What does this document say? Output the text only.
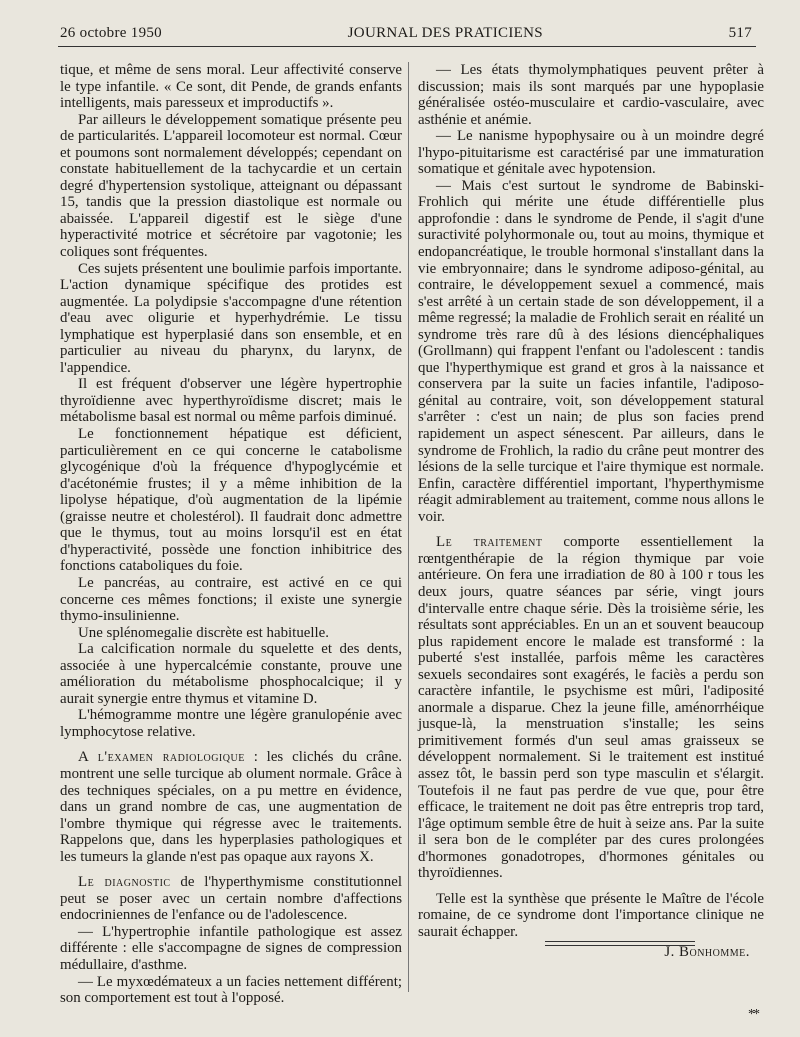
26 octobre 1950	JOURNAL DES PRATICIENS	517

tique, et même de sens moral. Leur affectivité conserve le type infantile. « Ce sont, dit Pende, de grands enfants intelligents, mais paresseux et improductifs ».

Par ailleurs le développement somatique présente peu de particularités. L'appareil locomoteur est normal. Cœur et poumons sont normalement développés; cependant on constate habituellement de la tachycardie et un certain degré d'hypertension systolique, atteignant ou dépassant 15, tandis que la pression diastolique est normale ou abaissée. L'appareil digestif est le siège d'une hyperactivité motrice et sécrétoire par vagotonie; les coliques sont fréquentes.

Ces sujets présentent une boulimie parfois importante. L'action dynamique spécifique des protides est augmentée. La polydipsie s'accompagne d'une rétention d'eau avec oligurie et hyperhydrémie. Le tissu lymphatique est hyperplasié dans son ensemble, et en particulier au niveau du pharynx, du larynx, de l'appendice.

Il est fréquent d'observer une légère hypertrophie thyroïdienne avec hyperthyroïdisme discret; mais le métabolisme basal est normal ou même parfois diminué.

Le fonctionnement hépatique est déficient, particulièrement en ce qui concerne le catabolisme glycogénique d'où la fréquence d'hypoglycémie et d'acétonémie frustes; il y a même inhibition de la lipolyse hépatique, d'où augmentation de la lipémie (graisse neutre et cholestérol). Il faudrait donc admettre que le thymus, tout au moins lorsqu'il est en état d'hyperactivité, possède une fonction inhibitrice des fonctions cataboliques du foie.

Le pancréas, au contraire, est activé en ce qui concerne ces mêmes fonctions; il existe une synergie thymo-insulinienne.

Une splénomegalie discrète est habituelle.

La calcification normale du squelette et des dents, associée à une hypercalcémie constante, prouve une amélioration du métabolisme phosphocalcique; il y aurait synergie entre thymus et vitamine D.

L'hémogramme montre une légère granulopénie avec lymphocytose relative.

A l'examen radiologique : les clichés du crâne. montrent une selle turcique ab olument normale. Grâce à des techniques spéciales, on a pu mettre en évidence, dans un grand nombre de cas, une augmentation de l'ombre thymique qui régresse avec le traitements. Rappelons que, dans les hyperplasies pathologiques et les tumeurs la glande n'est pas opaque aux rayons X.

Le diagnostic de l'hyperthymisme constitutionnel peut se poser avec un certain nombre d'affections endocriniennes de l'enfance ou de l'adolescence.

— L'hypertrophie infantile pathologique est assez différente : elle s'accompagne de signes de compression médullaire, d'asthme.

— Le myxœdémateux a un facies nettement différent; son comportement est tout à l'opposé.

— Les états thymolymphatiques peuvent prêter à discussion; mais ils sont marqués par une hypoplasie généralisée ostéo-musculaire et cardio-vasculaire, avec asthénie et anémie.

— Le nanisme hypophysaire ou à un moindre degré l'hypo-pituitarisme est caractérisé par une immaturation somatique et génitale avec hypotension.

— Mais c'est surtout le syndrome de Babinski-Frohlich qui mérite une étude différentielle plus approfondie : dans le syndrome de Pende, il s'agit d'une suractivité polyhormonale ou, tout au moins, thymique et endopancréatique, le trouble hormonal s'installant dans la vie embryonnaire; dans le syndrome adiposo-génital, au contraire, le développement sexuel a commencé, mais s'est arrêté à un certain stade de son développement, il a même regressé; la maladie de Frohlich serait en réalité un syndrome très rare dû à des lésions diencéphaliques (Grollmann) qui frappent l'enfant ou l'adolescent : tandis que l'hyperthymique est grand et gros à la naissance et conservera par la suite un facies infantile, l'adiposo-génital au contraire, voit, son développement statural s'arrêter : c'est un nain; de plus son facies prend rapidement un aspect sénescent. Par ailleurs, dans le syndrome de Frohlich, la radio du crâne peut montrer des lésions de la selle turcique et l'aire thymique est normale. Enfin, caractère différentiel important, l'hyperthymisme réagit admirablement au traitement, comme nous allons le voir.

Le traitement comporte essentiellement la rœntgenthérapie de la région thymique par voie antérieure. On fera une irradiation de 80 à 100 r tous les deux jours, quatre séances par série, vingt jours d'intervalle entre chaque série. Dès la troisième série, les résultats sont appréciables. En un an et souvent beaucoup plus rapidement encore le malade est transformé : la puberté s'est installée, parfois même les caractères sexuels secondaires sont exagérés, le faciès a perdu son caractère infantile, le psychisme est mûri, l'adiposité anormale a disparue. Chez la jeune fille, aménorrhéique jusque-là, la menstruation s'installe; les seins primitivement formés d'un seul amas graisseux se développent normalement. Si le traitement est institué assez tôt, le bassin perd son type masculin et s'élargit. Toutefois il ne faut pas perdre de vue que, pour être efficace, le traitement ne doit pas être entrepris trop tard, l'âge optimum semble être de huit à seize ans. Par la suite il sera bon de le compléter par des cures prolongées d'hormones gonadotropes, d'hormones génitales ou thyroïdiennes.

Telle est la synthèse que présente le Maître de l'école romaine, de ce syndrome dont l'importance clinique ne saurait échapper.

J. Bonhomme.
**
